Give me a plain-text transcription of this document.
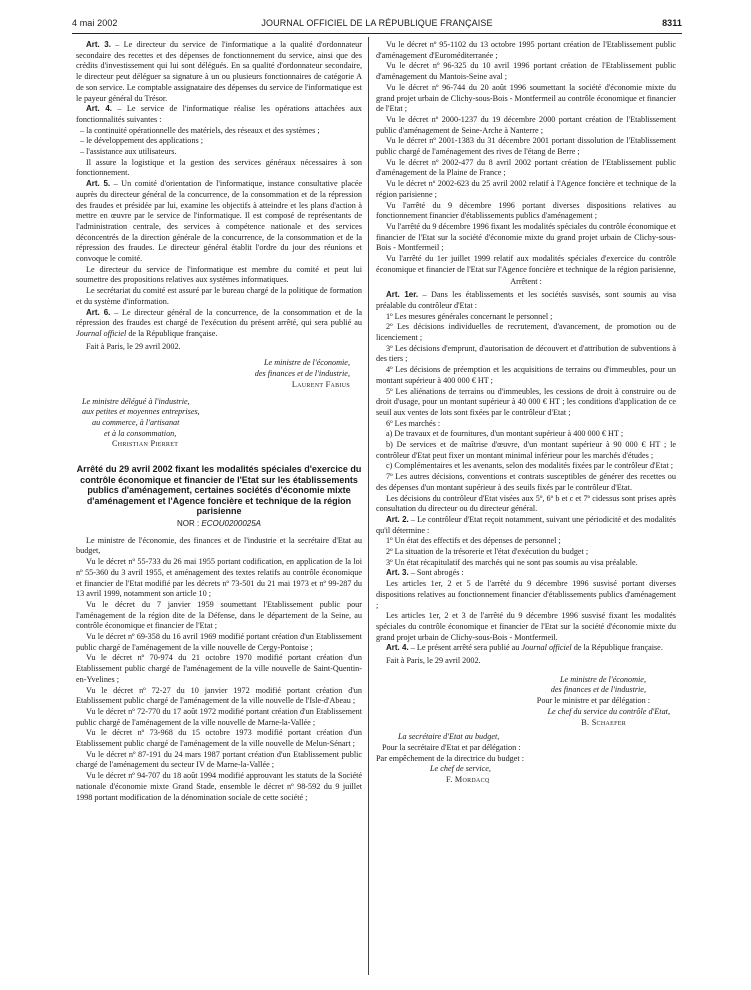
4 mai 2002	JOURNAL OFFICIEL DE LA RÉPUBLIQUE FRANÇAISE	8311

Art. 3. – Le directeur du service de l'informatique a la qualité d'ordonnateur secondaire des recettes et des dépenses de fonctionnement du service, ainsi que des crédits d'investissement qui lui sont délégués. En sa qualité d'ordonnateur secondaire, le directeur peut déléguer sa signature à un ou plusieurs fonctionnaires de catégorie A de son service. Le comptable assignataire des dépenses du service de l'informatique est le payeur général du Trésor.

Art. 4. – Le service de l'informatique réalise les opérations attachées aux fonctionnalités suivantes :

– la continuité opérationnelle des matériels, des réseaux et des systèmes ;

– le développement des applications ;

– l'assistance aux utilisateurs.

Il assure la logistique et la gestion des services généraux nécessaires à son fonctionnement.

Art. 5. – Un comité d'orientation de l'informatique, instance consultative placée auprès du directeur général de la concurrence, de la consommation et de la répression des fraudes et présidée par lui, examine les objectifs à atteindre et les plans d'action à mettre en œuvre par le service de l'informatique. Il est composé de représentants de l'administration centrale, des services à compétence nationale et des services déconcentrés de la direction générale de la concurrence, de la consommation et de la répression des fraudes. Le directeur général établit l'ordre du jour des réunions et convoque le comité.

Le directeur du service de l'informatique est membre du comité et peut lui soumettre des propositions relatives aux systèmes informatiques.

Le secrétariat du comité est assuré par le bureau chargé de la politique de formation et du système d'information.

Art. 6. – Le directeur général de la concurrence, de la consommation et de la répression des fraudes est chargé de l'exécution du présent arrêté, qui sera publié au Journal officiel de la République française.

Fait à Paris, le 29 avril 2002.

Le ministre de l'économie,

des finances et de l'industrie,

Laurent Fabius

Le ministre délégué à l'industrie,

aux petites et moyennes entreprises,

au commerce, à l'artisanat

et à la consommation,

Christian Pierret

Arrêté du 29 avril 2002 fixant les modalités spéciales d'exercice du contrôle économique et financier de l'Etat sur les établissements publics d'aménagement, certaines sociétés d'économie mixte d'aménagement et l'Agence foncière et technique de la région parisienne

NOR : ECOU0200025A

Le ministre de l'économie, des finances et de l'industrie et la secrétaire d'Etat au budget,

Vu le décret nº 55-733 du 26 mai 1955 portant codification, en application de la loi nº 55-360 du 3 avril 1955, et aménagement des textes relatifs au contrôle économique et financier de l'Etat modifié par les décrets nº 73-501 du 21 mai 1973 et nº 99-287 du 13 avril 1999, notamment son article 10 ;

Vu le décret du 7 janvier 1959 soumettant l'Etablissement public pour l'aménagement de la région dite de la Défense, dans le département de la Seine, au contrôle économique et financier de l'Etat ;

Vu le décret nº 69-358 du 16 avril 1969 modifié portant création d'un Etablissement public chargé de l'aménagement de la ville nouvelle de Cergy-Pontoise ;

Vu le décret nº 70-974 du 21 octobre 1970 modifié portant création d'un Etablissement public chargé de l'aménagement de la ville nouvelle de Saint-Quentin-en-Yvelines ;

Vu le décret nº 72-27 du 10 janvier 1972 modifié portant création d'un Etablissement public chargé de l'aménagement de la ville nouvelle de l'Isle-d'Abeau ;

Vu le décret nº 72-770 du 17 août 1972 modifié portant création d'un Etablissement public chargé de l'aménagement de la ville nouvelle de Marne-la-Vallée ;

Vu le décret nº 73-968 du 15 octobre 1973 modifié portant création d'un Etablissement public chargé de l'aménagement de la ville nouvelle de Melun-Sénart ;

Vu le décret nº 87-191 du 24 mars 1987 portant création d'un Etablissement public chargé de l'aménagement du secteur IV de Marne-la-Vallée ;

Vu le décret nº 94-707 du 18 août 1994 modifié approuvant les statuts de la Société nationale d'économie mixte Grand Stade, ensemble le décret nº 98-592 du 9 juillet 1998 portant modification de la dénomination sociale de cette société ;

Vu le décret nº 95-1102 du 13 octobre 1995 portant création de l'Etablissement public d'aménagement d'Euroméditerranée ;

Vu le décret nº 96-325 du 10 avril 1996 portant création de l'Etablissement public d'aménagement du Mantois-Seine aval ;

Vu le décret nº 96-744 du 20 août 1996 soumettant la société d'économie mixte du grand projet urbain de Clichy-sous-Bois - Montfermeil au contrôle économique et financier de l'Etat ;

Vu le décret nº 2000-1237 du 19 décembre 2000 portant création de l'Etablissement public d'aménagement de Seine-Arche à Nanterre ;

Vu le décret nº 2001-1383 du 31 décembre 2001 portant dissolution de l'Etablissement public chargé de l'aménagement des rives de l'étang de Berre ;

Vu le décret nº 2002-477 du 8 avril 2002 portant création de l'Etablissement public d'aménagement de la Plaine de France ;

Vu le décret nº 2002-623 du 25 avril 2002 relatif à l'Agence foncière et technique de la région parisienne ;

Vu l'arrêté du 9 décembre 1996 portant diverses dispositions relatives au fonctionnement financier d'établissements publics d'aménagement ;

Vu l'arrêté du 9 décembre 1996 fixant les modalités spéciales du contrôle économique et financier de l'Etat sur la société d'économie mixte du grand projet urbain de Clichy-sous-Bois - Montfermeil ;

Vu l'arrêté du 1er juillet 1999 relatif aux modalités spéciales d'exercice du contrôle économique et financier de l'Etat sur l'Agence foncière et technique de la région parisienne,

Arrêtent :

Art. 1er. – Dans les établissements et les sociétés susvisés, sont soumis au visa préalable du contrôleur d'Etat :

1º Les mesures générales concernant le personnel ;

2º Les décisions individuelles de recrutement, d'avancement, de promotion ou de licenciement ;

3º Les décisions d'emprunt, d'autorisation de découvert et d'attribution de subventions à des tiers ;

4º Les décisions de préemption et les acquisitions de terrains ou d'immeubles, pour un montant supérieur à 400 000 € HT ;

5º Les aliénations de terrains ou d'immeubles, les cessions de droit à construire ou de droit d'usage, pour un montant supérieur à 40 000 € HT ; les conditions d'application de ce seuil aux ventes de lots sont fixées par le contrôleur d'Etat ;

6º Les marchés :

a) De travaux et de fournitures, d'un montant supérieur à 400 000 € HT ;

b) De services et de maîtrise d'œuvre, d'un montant supérieur à 90 000 € HT ; le contrôleur d'Etat peut fixer un montant minimal inférieur pour les marchés d'études ;

c) Complémentaires et les avenants, selon des modalités fixées par le contrôleur d'Etat ;

7º Les autres décisions, conventions et contrats susceptibles de générer des recettes ou des dépenses d'un montant supérieur à des seuils fixés par le contrôleur d'Etat.

Les décisions du contrôleur d'Etat visées aux 5º, 6º b et c et 7º cidessus sont prises après consultation du directeur ou du directeur général.

Art. 2. – Le contrôleur d'Etat reçoit notamment, suivant une périodicité et des modalités qu'il détermine :

1º Un état des effectifs et des dépenses de personnel ;

2º La situation de la trésorerie et l'état d'exécution du budget ;

3º Un état récapitulatif des marchés qui ne sont pas soumis au visa préalable.

Art. 3. – Sont abrogés :

Les articles 1er, 2 et 5 de l'arrêté du 9 décembre 1996 susvisé portant diverses dispositions relatives au fonctionnement financier d'établissements publics d'aménagement ;

Les articles 1er, 2 et 3 de l'arrêté du 9 décembre 1996 susvisé fixant les modalités spéciales du contrôle économique et financier de l'Etat sur la société d'économie mixte du grand projet urbain de Clichy-sous-Bois - Montfermeil.

Art. 4. – Le présent arrêté sera publié au Journal officiel de la République française.

Fait à Paris, le 29 avril 2002.

Le ministre de l'économie,

des finances et de l'industrie,

Pour le ministre et par délégation :

Le chef du service du contrôle d'Etat,

B. Schaefer

La secrétaire d'Etat au budget,

Pour la secrétaire d'Etat et par délégation :

Par empêchement de la directrice du budget :

Le chef de service,

F. Mordacq
